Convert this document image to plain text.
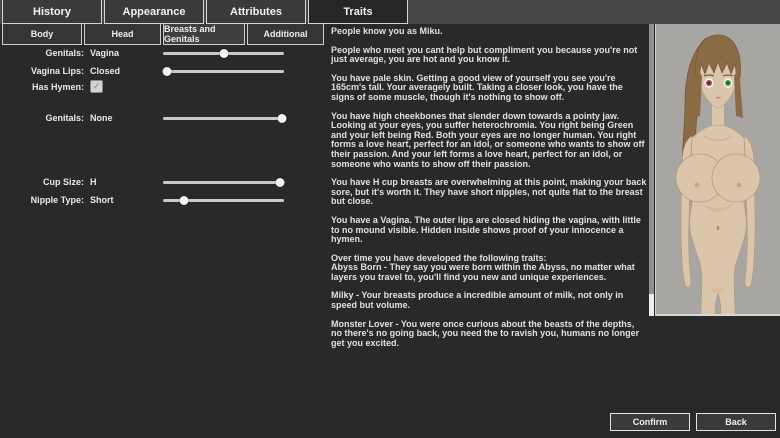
History	Appearance	Attributes	Traits
Body	Head	Breasts and Genitals	Additional
Genitals: Vagina
Vagina Lips: Closed
Has Hymen: ✓
Genitals: None
Cup Size: H
Nipple Type: Short
People know you as Miku.
People who meet you cant help but compliment you because you're not just average, you are hot and you know it.
You have pale skin. Getting a good view of yourself you see you're 165cm's tall. Your averagely built. Taking a closer look, you have the signs of some muscle, though it's nothing to show off.
You have high cheekbones that slender down towards a pointy jaw.
Looking at your eyes, you suffer heterochromia. You right being Green and your left being Red. Both your eyes are no longer human. You right forms a love heart, perfect for an idol, or someone who wants to show off their passion. And your left forms a love heart, perfect for an idol, or someone who wants to show off their passion.
You have H cup breasts are overwhelming at this point, making your back sore, but it's worth it. They have short nipples, not quite flat to the breast but close.
You have a Vagina. The outer lips are closed hiding the vagina, with little to no mound visible. Hidden inside shows proof of your innocence a hymen.
Over time you have developed the following traits:
Abyss Born - They say you were born within the Abyss, no matter what layers you travel to, you'll find you new and unique experiences.
Milky - Your breasts produce a incredible amount of milk, not only in speed but volume.
Monster Lover - You were once curious about the beasts of the depths, no there's no going back, you need the to ravish you, humans no longer get you excited.
Confirm	Back
